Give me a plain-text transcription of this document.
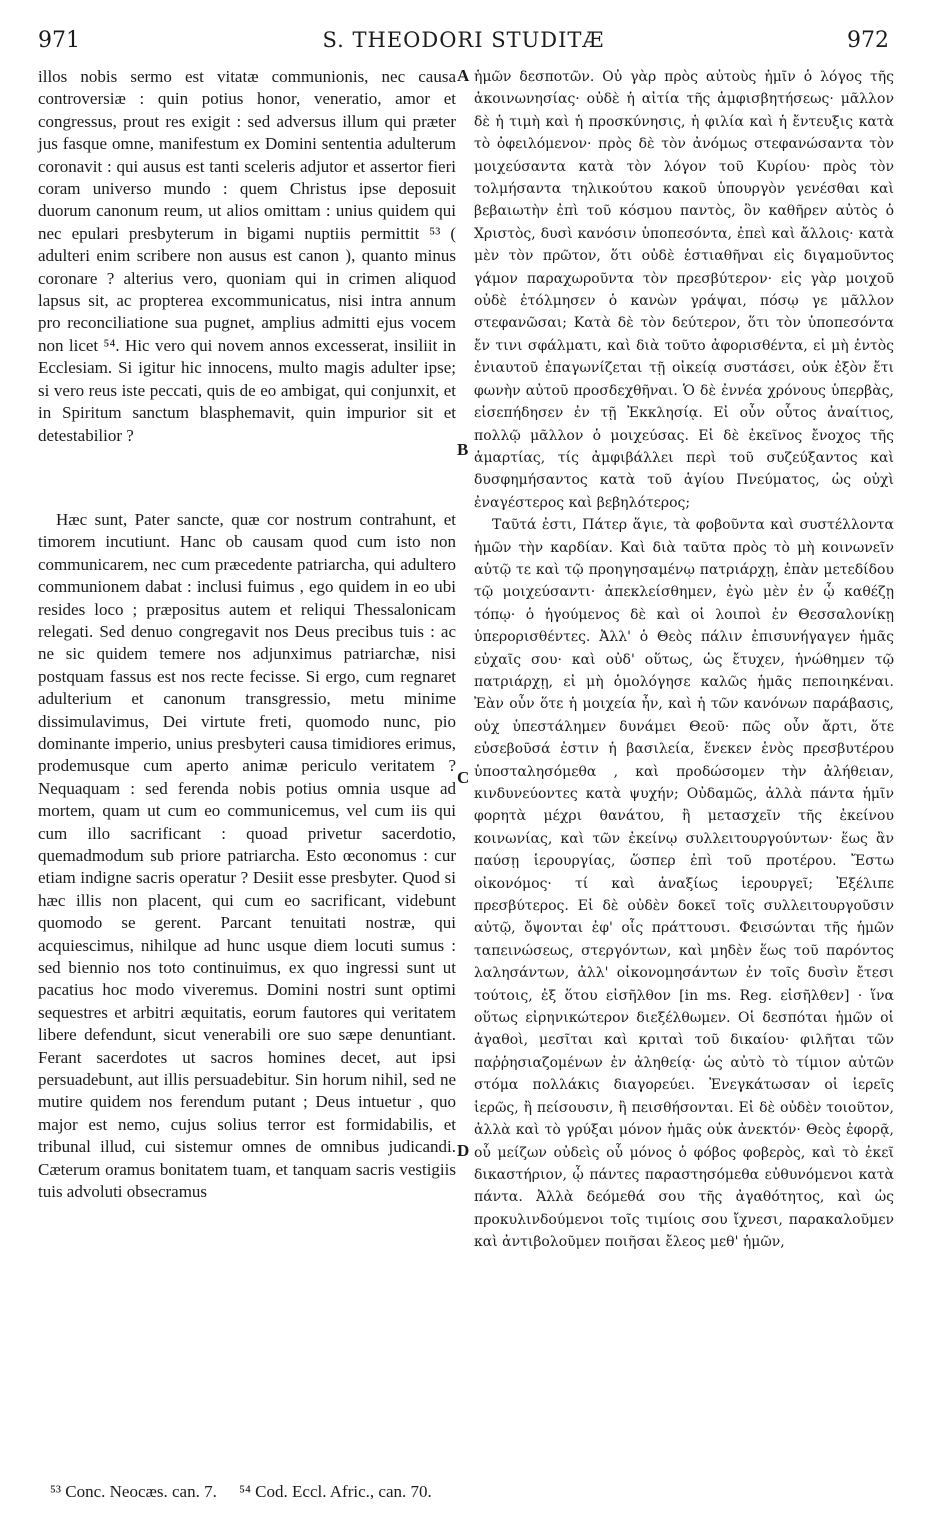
971	S. THEODORI STUDITÆ	972

illos nobis sermo est vitatæ communionis, nec causa controversiæ : quin potius honor, veneratio, amor et congressus, prout res exigit : sed adversus illum qui præter jus fasque omne, manifestum ex Domini sententia adulterum coronavit : qui ausus est tanti sceleris adjutor et assertor fieri coram universo mundo : quem Christus ipse deposuit duorum canonum reum, ut alios omittam : unius quidem qui nec epulari presbyterum in bigami nuptiis permittit ⁵³ ( adulteri enim scribere non ausus est canon ), quanto minus coronare ? alterius vero, quoniam qui in crimen aliquod lapsus sit, ac propterea excommunicatus, nisi intra annum pro reconciliatione sua pugnet, amplius admitti ejus vocem non licet ⁵⁴. Hic vero qui novem annos excesserat, insiliit in Ecclesiam. Si igitur hic innocens, multo magis adulter ipse; si vero reus iste peccati, quis de eo ambigat, qui conjunxit, et in Spiritum sanctum blasphemavit, quin impurior sit et detestabilior ?

Hæc sunt, Pater sancte, quæ cor nostrum contrahunt, et timorem incutiunt. Hanc ob causam quod cum isto non communicarem, nec cum præcedente patriarcha, qui adultero communionem dabat : inclusi fuimus , ego quidem in eo ubi resides loco ; præpositus autem et reliqui Thessalonicam relegati. Sed denuo congregavit nos Deus precibus tuis : ac ne sic quidem temere nos adjunximus patriarchæ, nisi postquam fassus est nos recte fecisse. Si ergo, cum regnaret adulterium et canonum transgressio, metu minime dissimulavimus, Dei virtute freti, quomodo nunc, pio dominante imperio, unius presbyteri causa timidiores erimus, prodemusque cum aperto animæ periculo veritatem ? Nequaquam : sed ferenda nobis potius omnia usque ad mortem, quam ut cum eo communicemus, vel cum iis qui cum illo sacrificant : quoad privetur sacerdotio, quemadmodum sub priore patriarcha. Esto œconomus : cur etiam indigne sacris operatur ? Desiit esse presbyter. Quod si hæc illis non placent, qui cum eo sacrificant, videbunt quomodo se gerent. Parcant tenuitati nostræ, qui acquiescimus, nihilque ad hunc usque diem locuti sumus : sed biennio nos toto continuimus, ex quo ingressi sunt ut pacatius hoc modo viveremus. Domini nostri sunt optimi sequestres et arbitri æquitatis, eorum fautores qui veritatem libere defendunt, sicut venerabili ore suo sæpe denuntiant. Ferant sacerdotes ut sacros homines decet, aut ipsi persuadebunt, aut illis persuadebitur. Sin horum nihil, sed ne mutire quidem nos ferendum putant ; Deus intuetur , quo major est nemo, cujus solius terror est formidabilis, et tribunal illud, cui sistemur omnes de omnibus judicandi. Cæterum oramus bonitatem tuam, et tanquam sacris vestigiis tuis advoluti obsecramus

A
B
C
D

ἡμῶν δεσποτῶν. Οὐ γὰρ πρὸς αὐτοὺς ἡμῖν ὁ λόγος τῆς ἀκοινωνησίας· οὐδὲ ἡ αἰτία τῆς ἀμφισβητήσεως· μᾶλλον δὲ ἡ τιμὴ καὶ ἡ προσκύνησις, ἡ φιλία καὶ ἡ ἔντευξις κατὰ τὸ ὀφειλόμενον· πρὸς δὲ τὸν ἀνόμως στεφανώσαντα τὸν μοιχεύσαντα κατὰ τὸν λόγον τοῦ Κυρίου· πρὸς τὸν τολμήσαντα τηλικούτου κακοῦ ὑπουργὸν γενέσθαι καὶ βεβαιωτὴν ἐπὶ τοῦ κόσμου παντὸς, ὃν καθῆρεν αὐτὸς ὁ Χριστὸς, δυσὶ κανόσιν ὑποπεσόντα, ἐπεὶ καὶ ἄλλοις· κατὰ μὲν τὸν πρῶτον, ὅτι οὐδὲ ἑστιαθῆναι εἰς διγαμοῦντος γάμον παραχωροῦντα τὸν πρεσβύτερον· εἰς γὰρ μοιχοῦ οὐδὲ ἐτόλμησεν ὁ κανὼν γράψαι, πόσῳ γε μᾶλλον στεφανῶσαι; Κατὰ δὲ τὸν δεύτερον, ὅτι τὸν ὑποπεσόντα ἔν τινι σφάλματι, καὶ διὰ τοῦτο ἀφορισθέντα, εἰ μὴ ἐντὸς ἐνιαυτοῦ ἐπαγωνίζεται τῇ οἰκείᾳ συστάσει, οὐκ ἐξὸν ἔτι φωνὴν αὐτοῦ προσδεχθῆναι. Ὁ δὲ ἐννέα χρόνους ὑπερβὰς, εἰσεπήδησεν ἐν τῇ Ἐκκλησίᾳ. Εἰ οὖν οὗτος ἀναίτιος, πολλῷ μᾶλλον ὁ μοιχεύσας. Εἰ δὲ ἐκεῖνος ἔνοχος τῆς ἁμαρτίας, τίς ἀμφιβάλλει περὶ τοῦ συζεύξαντος καὶ δυσφημήσαντος κατὰ τοῦ ἁγίου Πνεύματος, ὡς οὐχὶ ἐναγέστερος καὶ βεβηλότερος;

Ταῦτά ἐστι, Πάτερ ἅγιε, τὰ φοβοῦντα καὶ συστέλλοντα ἡμῶν τὴν καρδίαν. Καὶ διὰ ταῦτα πρὸς τὸ μὴ κοινωνεῖν αὐτῷ τε καὶ τῷ προηγησαμένῳ πατριάρχῃ, ἐπὰν μετεδίδου τῷ μοιχεύσαντι· ἀπεκλείσθημεν, ἐγὼ μὲν ἐν ᾧ καθέζῃ τόπῳ· ὁ ἡγούμενος δὲ καὶ οἱ λοιποὶ ἐν Θεσσαλονίκῃ ὑπερορισθέντες. Ἀλλ' ὁ Θεὸς πάλιν ἐπισυνήγαγεν ἡμᾶς εὐχαῖς σου· καὶ οὐδ' οὕτως, ὡς ἔτυχεν, ἡνώθημεν τῷ πατριάρχῃ, εἰ μὴ ὁμολόγησε καλῶς ἡμᾶς πεποιηκέναι. Ἐὰν οὖν ὅτε ἡ μοιχεία ἦν, καὶ ἡ τῶν κανόνων παράβασις, οὐχ ὑπεστάλημεν δυνάμει Θεοῦ· πῶς οὖν ἄρτι, ὅτε εὐσεβοῦσά ἐστιν ἡ βασιλεία, ἕνεκεν ἑνὸς πρεσβυτέρου ὑποσταλησόμεθα , καὶ προδώσομεν τὴν ἀλήθειαν, κινδυνεύοντες κατὰ ψυχήν; Οὐδαμῶς, ἀλλὰ πάντα ἡμῖν φορητὰ μέχρι θανάτου, ἢ μετασχεῖν τῆς ἐκείνου κοινωνίας, καὶ τῶν ἐκείνῳ συλλειτουργούντων· ἕως ἂν παύσῃ ἱερουργίας, ὥσπερ ἐπὶ τοῦ προτέρου. Ἔστω οἰκονόμος· τί καὶ ἀναξίως ἱερουργεῖ; Ἐξέλιπε πρεσβύτερος. Εἰ δὲ οὐδὲν δοκεῖ τοῖς συλλειτουργοῦσιν αὐτῷ, ὄψονται ἐφ' οἷς πράττουσι. Φεισώνται τῆς ἡμῶν ταπεινώσεως, στεργόντων, καὶ μηδὲν ἕως τοῦ παρόντος λαλησάντων, ἀλλ' οἰκονομησάντων ἐν τοῖς δυσὶν ἔτεσι τούτοις, ἐξ ὅτου εἰσῆλθον [in ms. Reg. εἰσῆλθεν] · ἵνα οὕτως εἰρηνικώτερον διεξέλθωμεν. Οἱ δεσπόται ἡμῶν οἱ ἀγαθοὶ, μεσῖται καὶ κριταὶ τοῦ δικαίου· φιλῆται τῶν παῤῥησιαζομένων ἐν ἀληθείᾳ· ὡς αὐτὸ τὸ τίμιον αὐτῶν στόμα πολλάκις διαγορεύει. Ἐνεγκάτωσαν οἱ ἱερεῖς ἱερῶς, ἢ πείσουσιν, ἢ πεισθήσονται. Εἰ δὲ οὐδὲν τοιοῦτον, ἀλλὰ καὶ τὸ γρύξαι μόνον ἡμᾶς οὐκ ἀνεκτόν· Θεὸς ἐφορᾷ, οὗ μείζων οὐδεὶς οὗ μόνος ὁ φόβος φοβερὸς, καὶ τὸ ἐκεῖ δικαστήριον, ᾧ πάντες παραστησόμεθα εὐθυνόμενοι κατὰ πάντα. Ἀλλὰ δεόμεθά σου τῆς ἀγαθότητος, καὶ ὡς προκυλινδούμενοι τοῖς τιμίοις σου ἴχνεσι, παρακαλοῦμεν καὶ ἀντιβολοῦμεν ποιῆσαι ἔλεος μεθ' ἡμῶν,

⁵³ Conc. Neocæs. can. 7. ⁵⁴ Cod. Eccl. Afric., can. 70.
